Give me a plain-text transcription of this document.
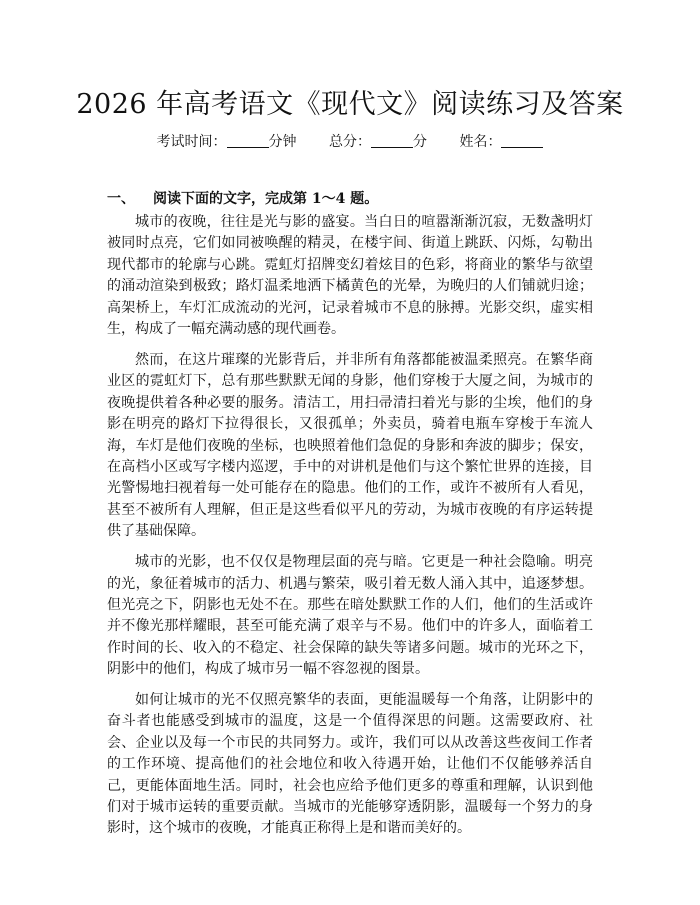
2026 年高考语文《现代文》阅读练习及答案
考试时间：	分钟 总分：	分 姓名：
一、 阅读下面的文字，完成第 1～4 题。

城市的夜晚，往往是光与影的盛宴。当白日的喧嚣渐渐沉寂，无数盏明灯被同时点亮，它们如同被唤醒的精灵，在楼宇间、街道上跳跃、闪烁，勾勒出现代都市的轮廓与心跳。霓虹灯招牌变幻着炫目的色彩，将商业的繁华与欲望的涌动渲染到极致；路灯温柔地洒下橘黄色的光晕，为晚归的人们铺就归途；高架桥上，车灯汇成流动的光河，记录着城市不息的脉搏。光影交织，虚实相生，构成了一幅充满动感的现代画卷。

然而，在这片璀璨的光影背后，并非所有角落都能被温柔照亮。在繁华商业区的霓虹灯下，总有那些默默无闻的身影，他们穿梭于大厦之间，为城市的夜晚提供着各种必要的服务。清洁工，用扫帚清扫着光与影的尘埃，他们的身影在明亮的路灯下拉得很长，又很孤单；外卖员，骑着电瓶车穿梭于车流人海，车灯是他们夜晚的坐标，也映照着他们急促的身影和奔波的脚步；保安，在高档小区或写字楼内巡逻，手中的对讲机是他们与这个繁忙世界的连接，目光警惕地扫视着每一处可能存在的隐患。他们的工作，或许不被所有人看见，甚至不被所有人理解，但正是这些看似平凡的劳动，为城市夜晚的有序运转提供了基础保障。

城市的光影，也不仅仅是物理层面的亮与暗。它更是一种社会隐喻。明亮的光，象征着城市的活力、机遇与繁荣，吸引着无数人涌入其中，追逐梦想。但光亮之下，阴影也无处不在。那些在暗处默默工作的人们，他们的生活或许并不像光那样耀眼，甚至可能充满了艰辛与不易。他们中的许多人，面临着工作时间的长、收入的不稳定、社会保障的缺失等诸多问题。城市的光环之下，阴影中的他们，构成了城市另一幅不容忽视的图景。

如何让城市的光不仅照亮繁华的表面，更能温暖每一个角落，让阴影中的奋斗者也能感受到城市的温度，这是一个值得深思的问题。这需要政府、社会、企业以及每一个市民的共同努力。或许，我们可以从改善这些夜间工作者的工作环境、提高他们的社会地位和收入待遇开始，让他们不仅能够养活自己，更能体面地生活。同时，社会也应给予他们更多的尊重和理解，认识到他们对于城市运转的重要贡献。当城市的光能够穿透阴影，温暖每一个努力的身影时，这个城市的夜晚，才能真正称得上是和谐而美好的。
